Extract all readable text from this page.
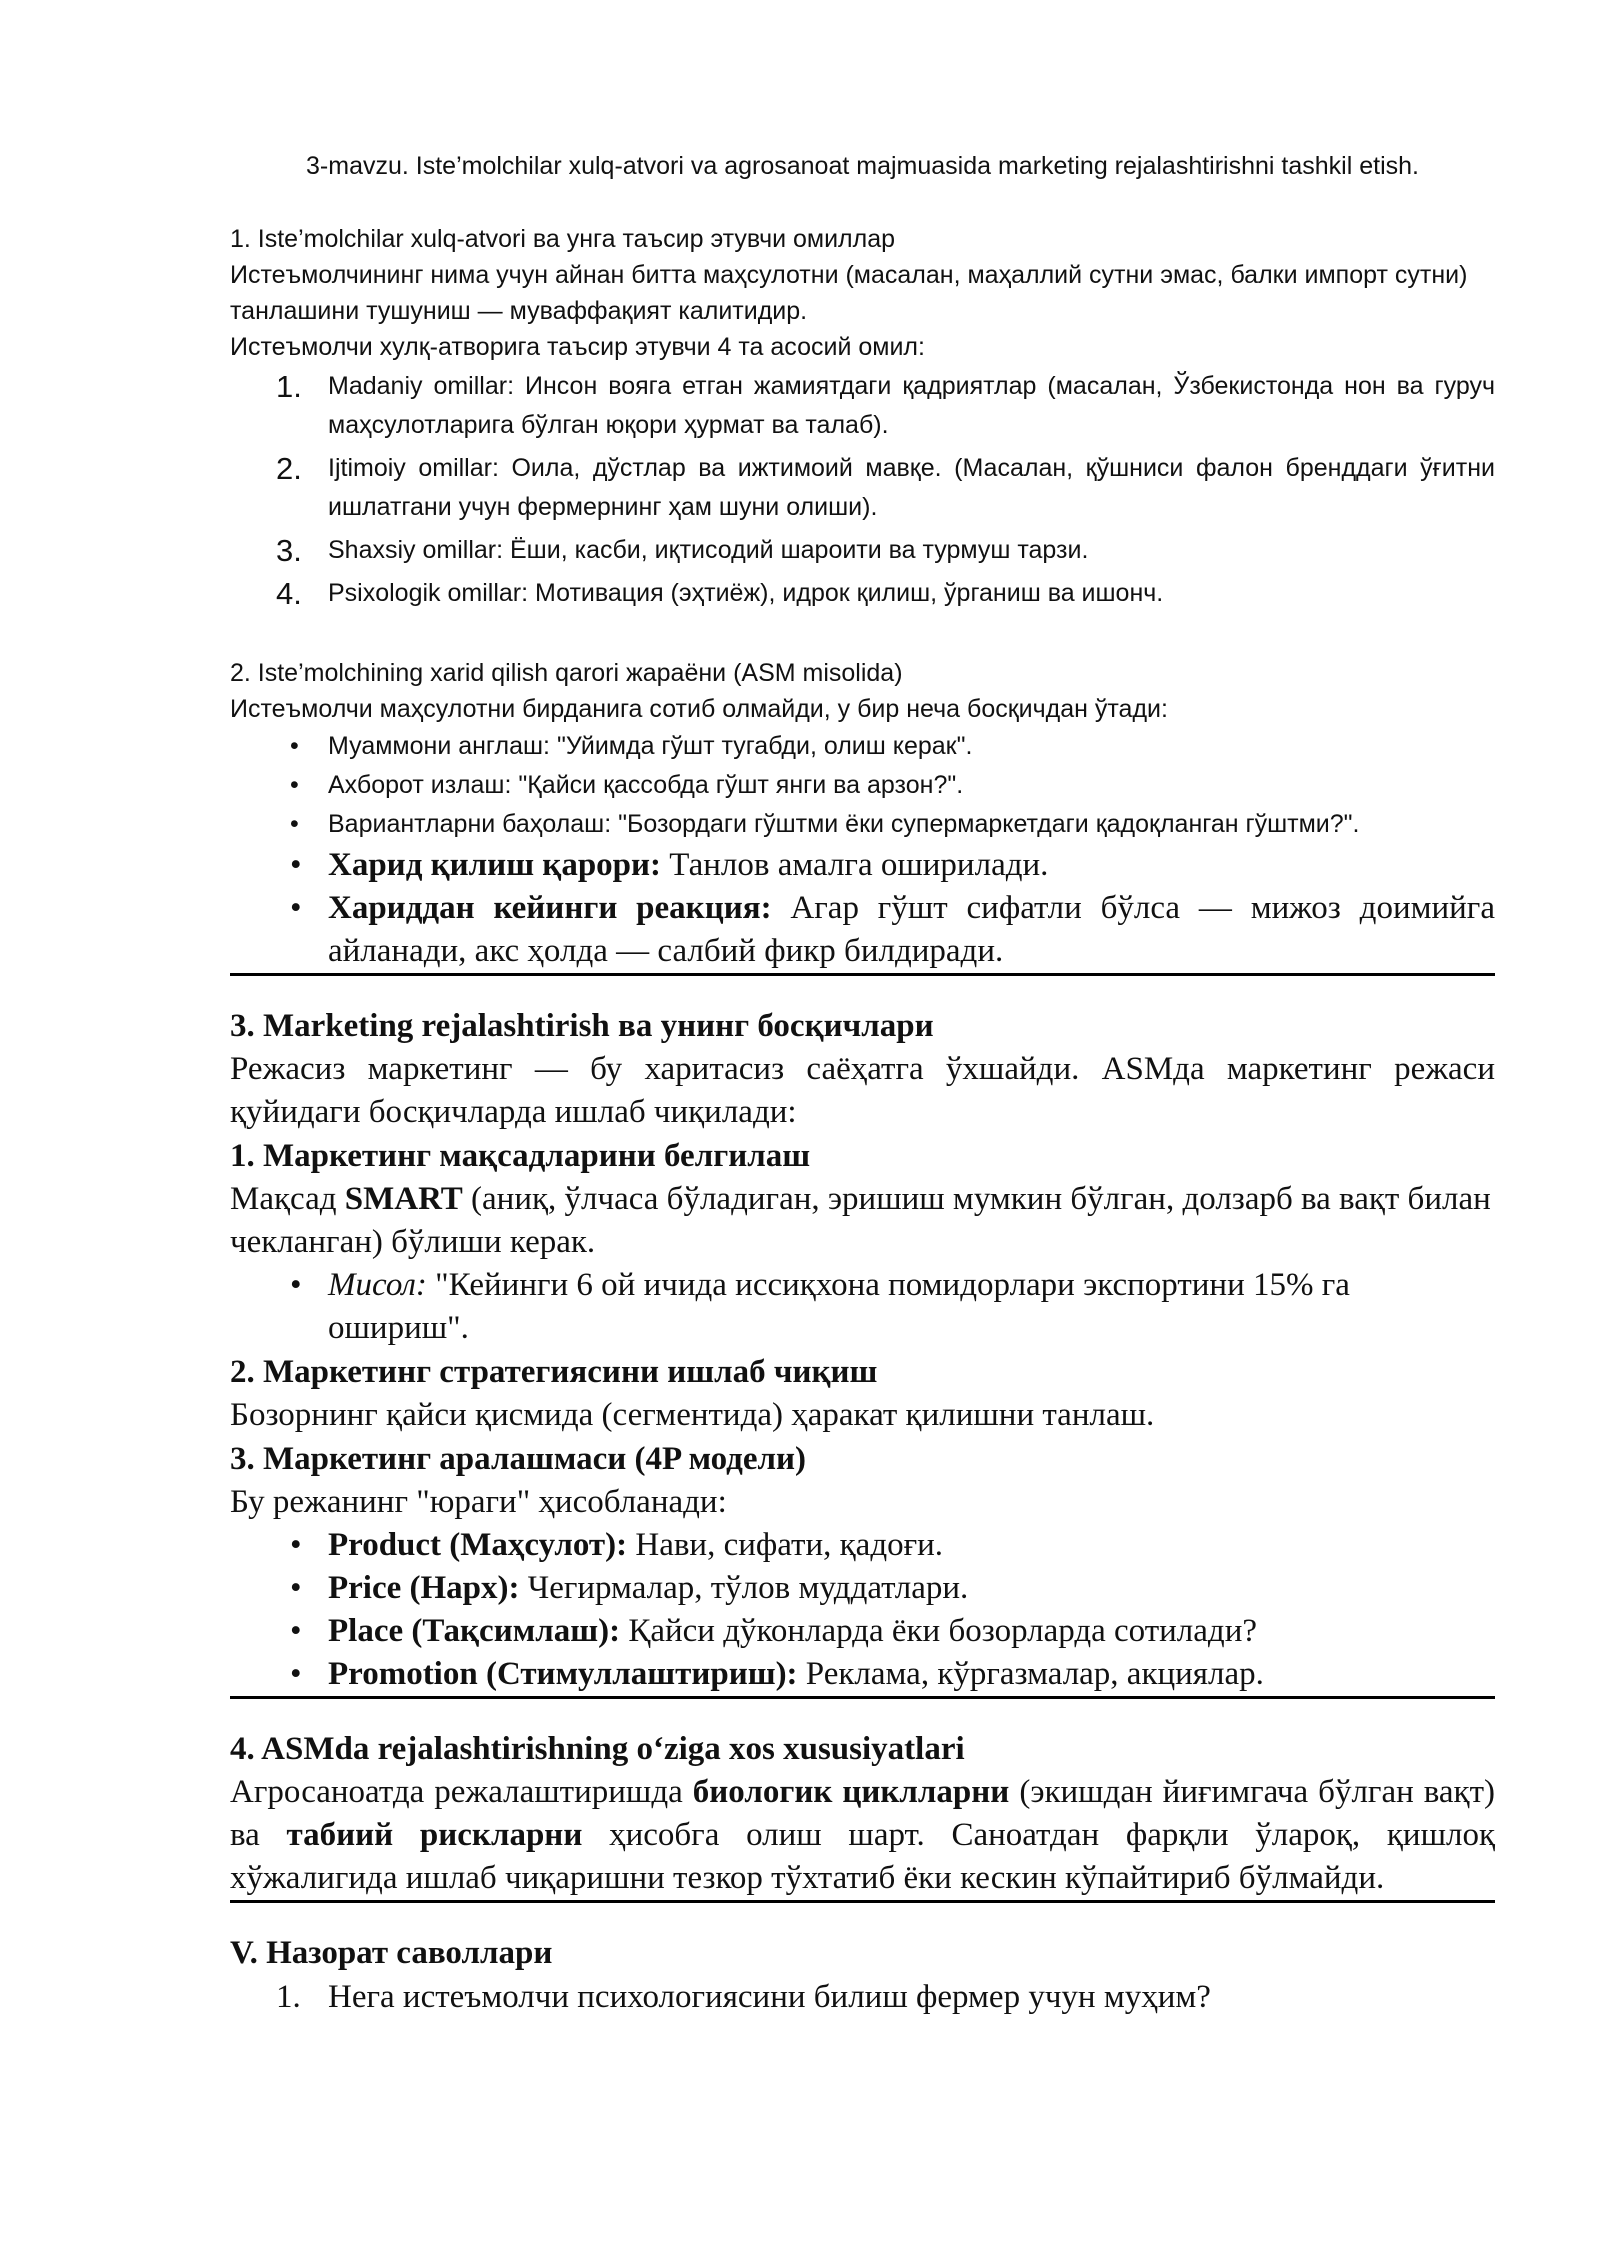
3-mavzu. Iste’molchilar xulq-atvori va agrosanoat majmuasida marketing rejalashtirishni tashkil etish.

1. Iste’molchilar xulq-atvori ва унга таъсир этувчи омиллар

Истеъмолчининг нима учун айнан битта маҳсулотни (масалан, маҳаллий сутни эмас, балки импорт сутни) танлашини тушуниш — муваффақият калитидир.

Истеъмолчи хулқ-атворига таъсир этувчи 4 та асосий омил:

1. Madaniy omillar: Инсон вояга етган жамиятдаги қадриятлар (масалан, Ўзбекистонда нон ва гуруч маҳсулотларига бўлган юқори ҳурмат ва талаб).
2. Ijtimoiy omillar: Оила, дўстлар ва ижтимоий мавқе. (Масалан, қўшниси фалон бренддаги ўғитни ишлатгани учун фермернинг ҳам шуни олиши).
3. Shaxsiy omillar: Ёши, касби, иқтисодий шароити ва турмуш тарзи.
4. Psixologik omillar: Мотивация (эҳтиёж), идрок қилиш, ўрганиш ва ишонч.

2. Iste’molchining xarid qilish qarori жараёни (ASM misolida)

Истеъмолчи маҳсулотни бирданига сотиб олмайди, у бир неча босқичдан ўтади:

• Муаммони англаш: "Уйимда гўшт тугабди, олиш керак".
• Ахборот излаш: "Қайси қассобда гўшт янги ва арзон?".
• Вариантларни баҳолаш: "Бозордаги гўштми ёки супермаркетдаги қадоқланган гўштми?".
• Харид қилиш қарори: Танлов амалга оширилади.
• Хариддан кейинги реакция: Агар гўшт сифатли бўлса — мижоз доимийга айланади, акс ҳолда — салбий фикр билдиради.

3. Marketing rejalashtirish ва унинг босқичлари

Режасиз маркетинг — бу харитасиз саёҳатга ўхшайди. ASMда маркетинг режаси қуйидаги босқичларда ишлаб чиқилади:

1. Маркетинг мақсадларини белгилаш

Мақсад SMART (аниқ, ўлчаса бўладиган, эришиш мумкин бўлган, долзарб ва вақт билан чекланган) бўлиши керак.

• Мисол: "Кейинги 6 ой ичида иссиқхона помидорлари экспортини 15% га ошириш".

2. Маркетинг стратегиясини ишлаб чиқиш

Бозорнинг қайси қисмида (сегментида) ҳаракат қилишни танлаш.

3. Маркетинг аралашмаси (4P модели)

Бу режанинг "юраги" ҳисобланади:

• Product (Маҳсулот): Нави, сифати, қадоғи.
• Price (Нарх): Чегирмалар, тўлов муддатлари.
• Place (Тақсимлаш): Қайси дўконларда ёки бозорларда сотилади?
• Promotion (Стимуллаштириш): Реклама, кўргазмалар, акциялар.

4. ASMda rejalashtirishning o‘ziga xos xususiyatlari

Агросаноатда режалаштиришда биологик циклларни (экишдан йиғимгача бўлган вақт) ва табиий рискларни ҳисобга олиш шарт. Саноатдан фарқли ўлароқ, қишлоқ хўжалигида ишлаб чиқаришни тезкор тўхтатиб ёки кескин кўпайтириб бўлмайди.

V. Назорат саволлари

1. Нега истеъмолчи психологиясини билиш фермер учун муҳим?
